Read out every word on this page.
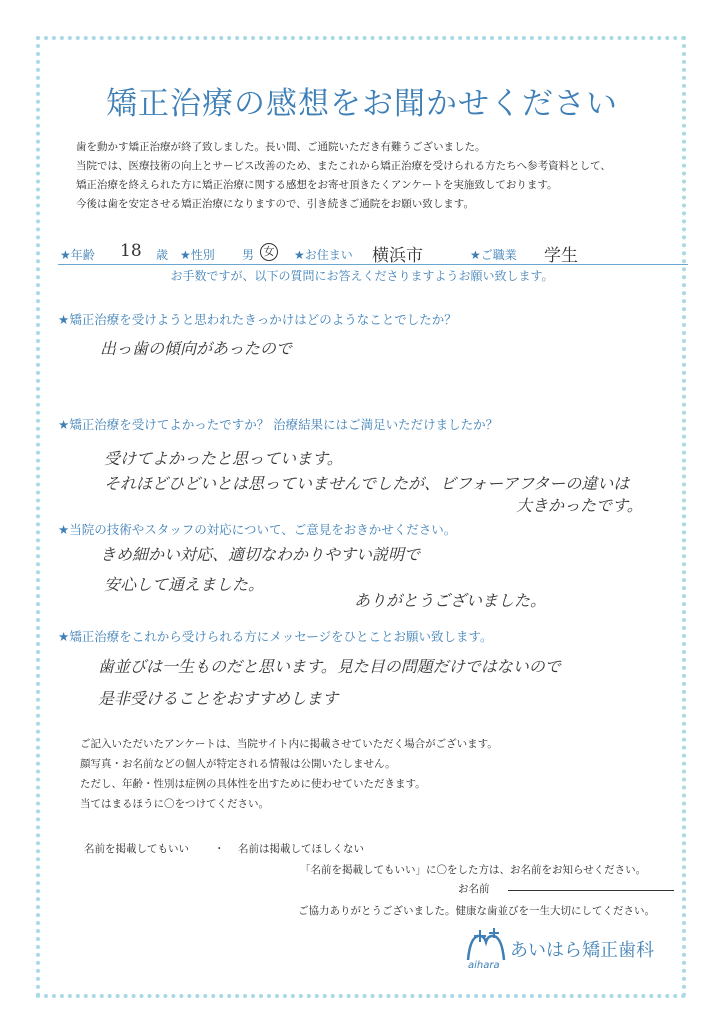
矯正治療の感想をお聞かせください
歯を動かす矯正治療が終了致しました。長い間、ご通院いただき有難うございました。
当院では、医療技術の向上とサービス改善のため、またこれから矯正治療を受けられる方たちへ参考資料として、
矯正治療を終えられた方に矯正治療に関する感想をお寄せ頂きたくアンケートを実施致しております。
今後は歯を安定させる矯正治療になりますので、引き続きご通院をお願い致します。
★年齢 18 歳 ★性別 男 女 ★お住まい 横浜市	★ご職業 学生
お手数ですが、以下の質問にお答えくださりますようお願い致します。
★矯正治療を受けようと思われたきっかけはどのようなことでしたか？
出っ歯の傾向があったので
★矯正治療を受けてよかったですか？ 治療結果にはご満足いただけましたか？
受けてよかったと思っています。
それほどひどいとは思っていませんでしたが、ビフォーアフターの違いは
大きかったです。
★当院の技術やスタッフの対応について、ご意見をおきかせください。
きめ細かい対応、適切なわかりやすい説明で
安心して通えました。
ありがとうございました。
★矯正治療をこれから受けられる方にメッセージをひとことお願い致します。
歯並びは一生ものだと思います。見た目の問題だけではないので
是非受けることをおすすめします
ご記入いただいたアンケートは、当院サイト内に掲載させていただく場合がございます。
顔写真・お名前などの個人が特定される情報は公開いたしません。
ただし、年齢・性別は症例の具体性を出すために使わせていただきます。
当てはまるほうに〇をつけてください。
名前を掲載してもいい ・ 名前は掲載してほしくない
「名前を掲載してもいい」に〇をした方は、お名前をお知らせください。
お名前
ご協力ありがとうございました。健康な歯並びを一生大切にしてください。
あいはら矯正歯科
aihara
